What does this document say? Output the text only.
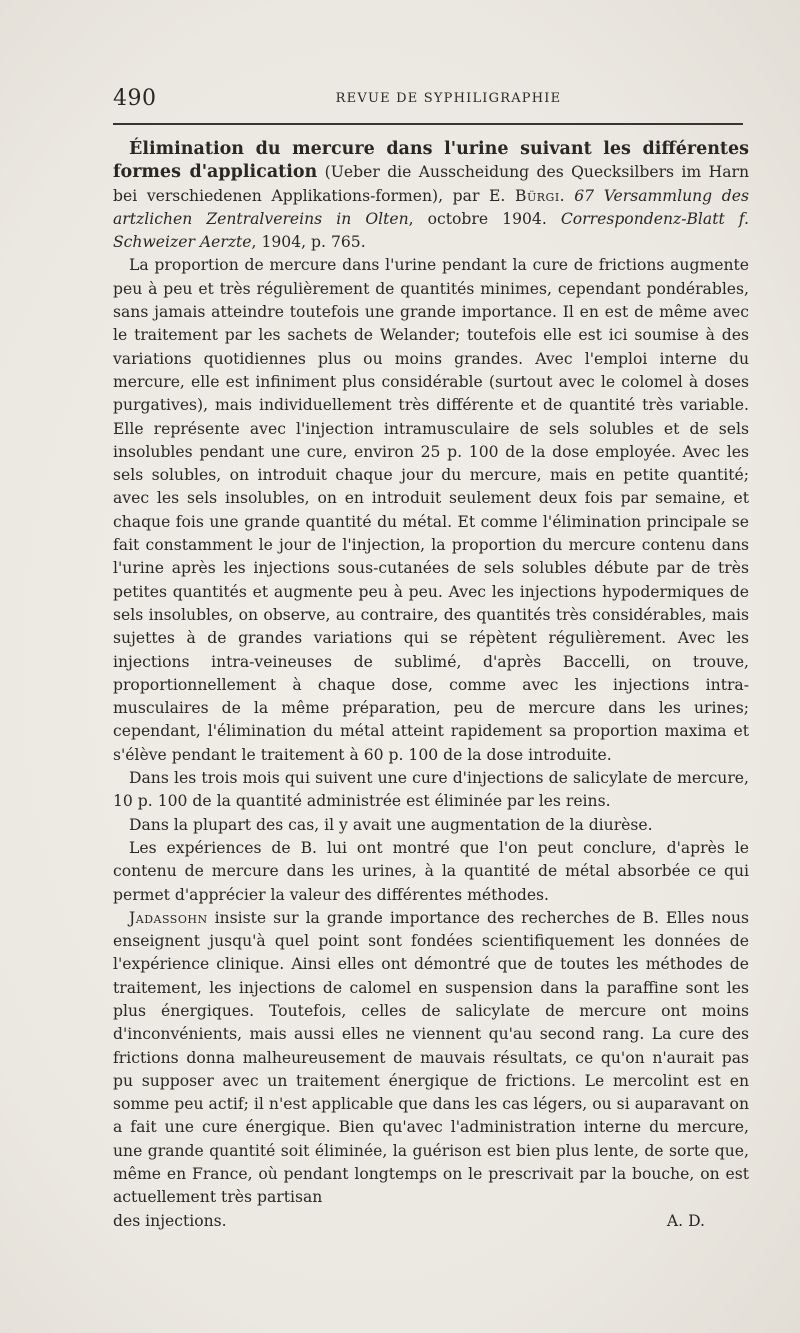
490	REVUE DE SYPHILIGRAPHIE

Élimination du mercure dans l'urine suivant les différentes formes d'application (Ueber die Ausscheidung des Quecksilbers im Harn bei verschiedenen Applikations-formen), par E. Bürgi. 67 Versammlung des artzlichen Zentralvereins in Olten, octobre 1904. Correspondenz-Blatt f. Schweizer Aerzte, 1904, p. 765.

La proportion de mercure dans l'urine pendant la cure de frictions augmente peu à peu et très régulièrement de quantités minimes, cependant pondérables, sans jamais atteindre toutefois une grande importance. Il en est de même avec le traitement par les sachets de Welander; toutefois elle est ici soumise à des variations quotidiennes plus ou moins grandes. Avec l'emploi interne du mercure, elle est infiniment plus considérable (surtout avec le colomel à doses purgatives), mais individuellement très différente et de quantité très variable. Elle représente avec l'injection intramusculaire de sels solubles et de sels insolubles pendant une cure, environ 25 p. 100 de la dose employée. Avec les sels solubles, on introduit chaque jour du mercure, mais en petite quantité; avec les sels insolubles, on en introduit seulement deux fois par semaine, et chaque fois une grande quantité du métal. Et comme l'élimination principale se fait constamment le jour de l'injection, la proportion du mercure contenu dans l'urine après les injections sous-cutanées de sels solubles débute par de très petites quantités et augmente peu à peu. Avec les injections hypodermiques de sels insolubles, on observe, au contraire, des quantités très considérables, mais sujettes à de grandes variations qui se répètent régulièrement. Avec les injections intra-veineuses de sublimé, d'après Baccelli, on trouve, proportionnellement à chaque dose, comme avec les injections intra-musculaires de la même préparation, peu de mercure dans les urines; cependant, l'élimination du métal atteint rapidement sa proportion maxima et s'élève pendant le traitement à 60 p. 100 de la dose introduite.

Dans les trois mois qui suivent une cure d'injections de salicylate de mercure, 10 p. 100 de la quantité administrée est éliminée par les reins.

Dans la plupart des cas, il y avait une augmentation de la diurèse.

Les expériences de B. lui ont montré que l'on peut conclure, d'après le contenu de mercure dans les urines, à la quantité de métal absorbée ce qui permet d'apprécier la valeur des différentes méthodes.

Jadassohn insiste sur la grande importance des recherches de B. Elles nous enseignent jusqu'à quel point sont fondées scientifiquement les données de l'expérience clinique. Ainsi elles ont démontré que de toutes les méthodes de traitement, les injections de calomel en suspension dans la paraffine sont les plus énergiques. Toutefois, celles de salicylate de mercure ont moins d'inconvénients, mais aussi elles ne viennent qu'au second rang. La cure des frictions donna malheureusement de mauvais résultats, ce qu'on n'aurait pas pu supposer avec un traitement énergique de frictions. Le mercolint est en somme peu actif; il n'est applicable que dans les cas légers, ou si auparavant on a fait une cure énergique. Bien qu'avec l'administration interne du mercure, une grande quantité soit éliminée, la guérison est bien plus lente, de sorte que, même en France, où pendant longtemps on le prescrivait par la bouche, on est actuellement très partisan

des injections.	A. D.
